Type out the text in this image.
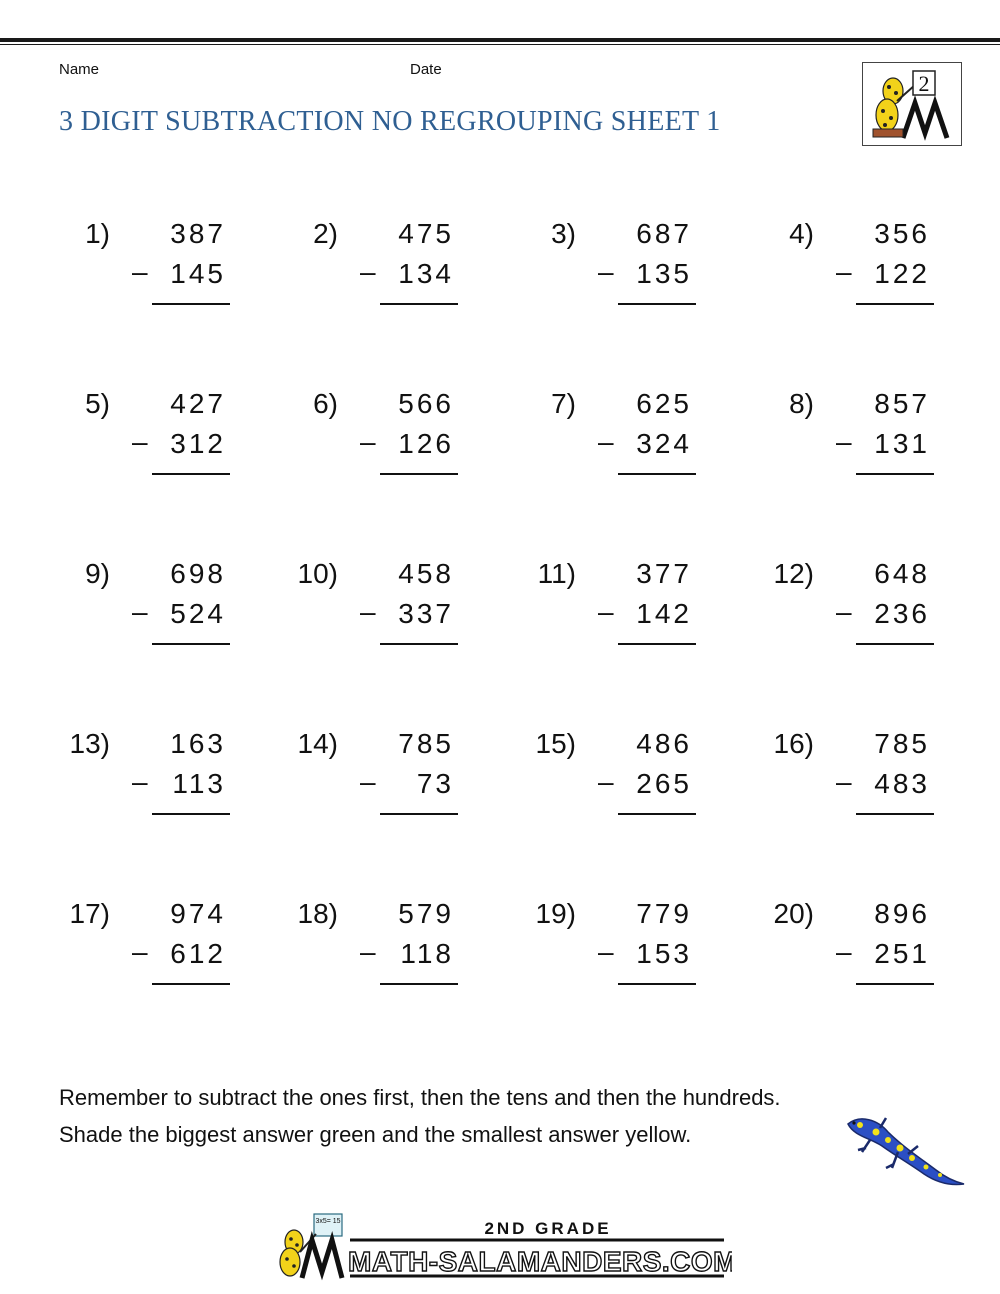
Name	Date
3 DIGIT SUBTRACTION NO REGROUPING SHEET 1
2
1) 387
– 145
2) 475
– 134
3) 687
– 135
4) 356
– 122
5) 427
– 312
6) 566
– 126
7) 625
– 324
8) 857
– 131
9) 698
– 524
10) 458
– 337
11) 377
– 142
12) 648
– 236
13) 163
– 113
14) 785
– 73
15) 486
– 265
16) 785
– 483
17) 974
– 612
18) 579
– 118
19) 779
– 153
20) 896
– 251
Remember to subtract the ones first, then the tens and then the hundreds.
Shade the biggest answer green and the smallest answer yellow.
3x5= 15	2ND GRADE
MATH-SALAMANDERS.COM
